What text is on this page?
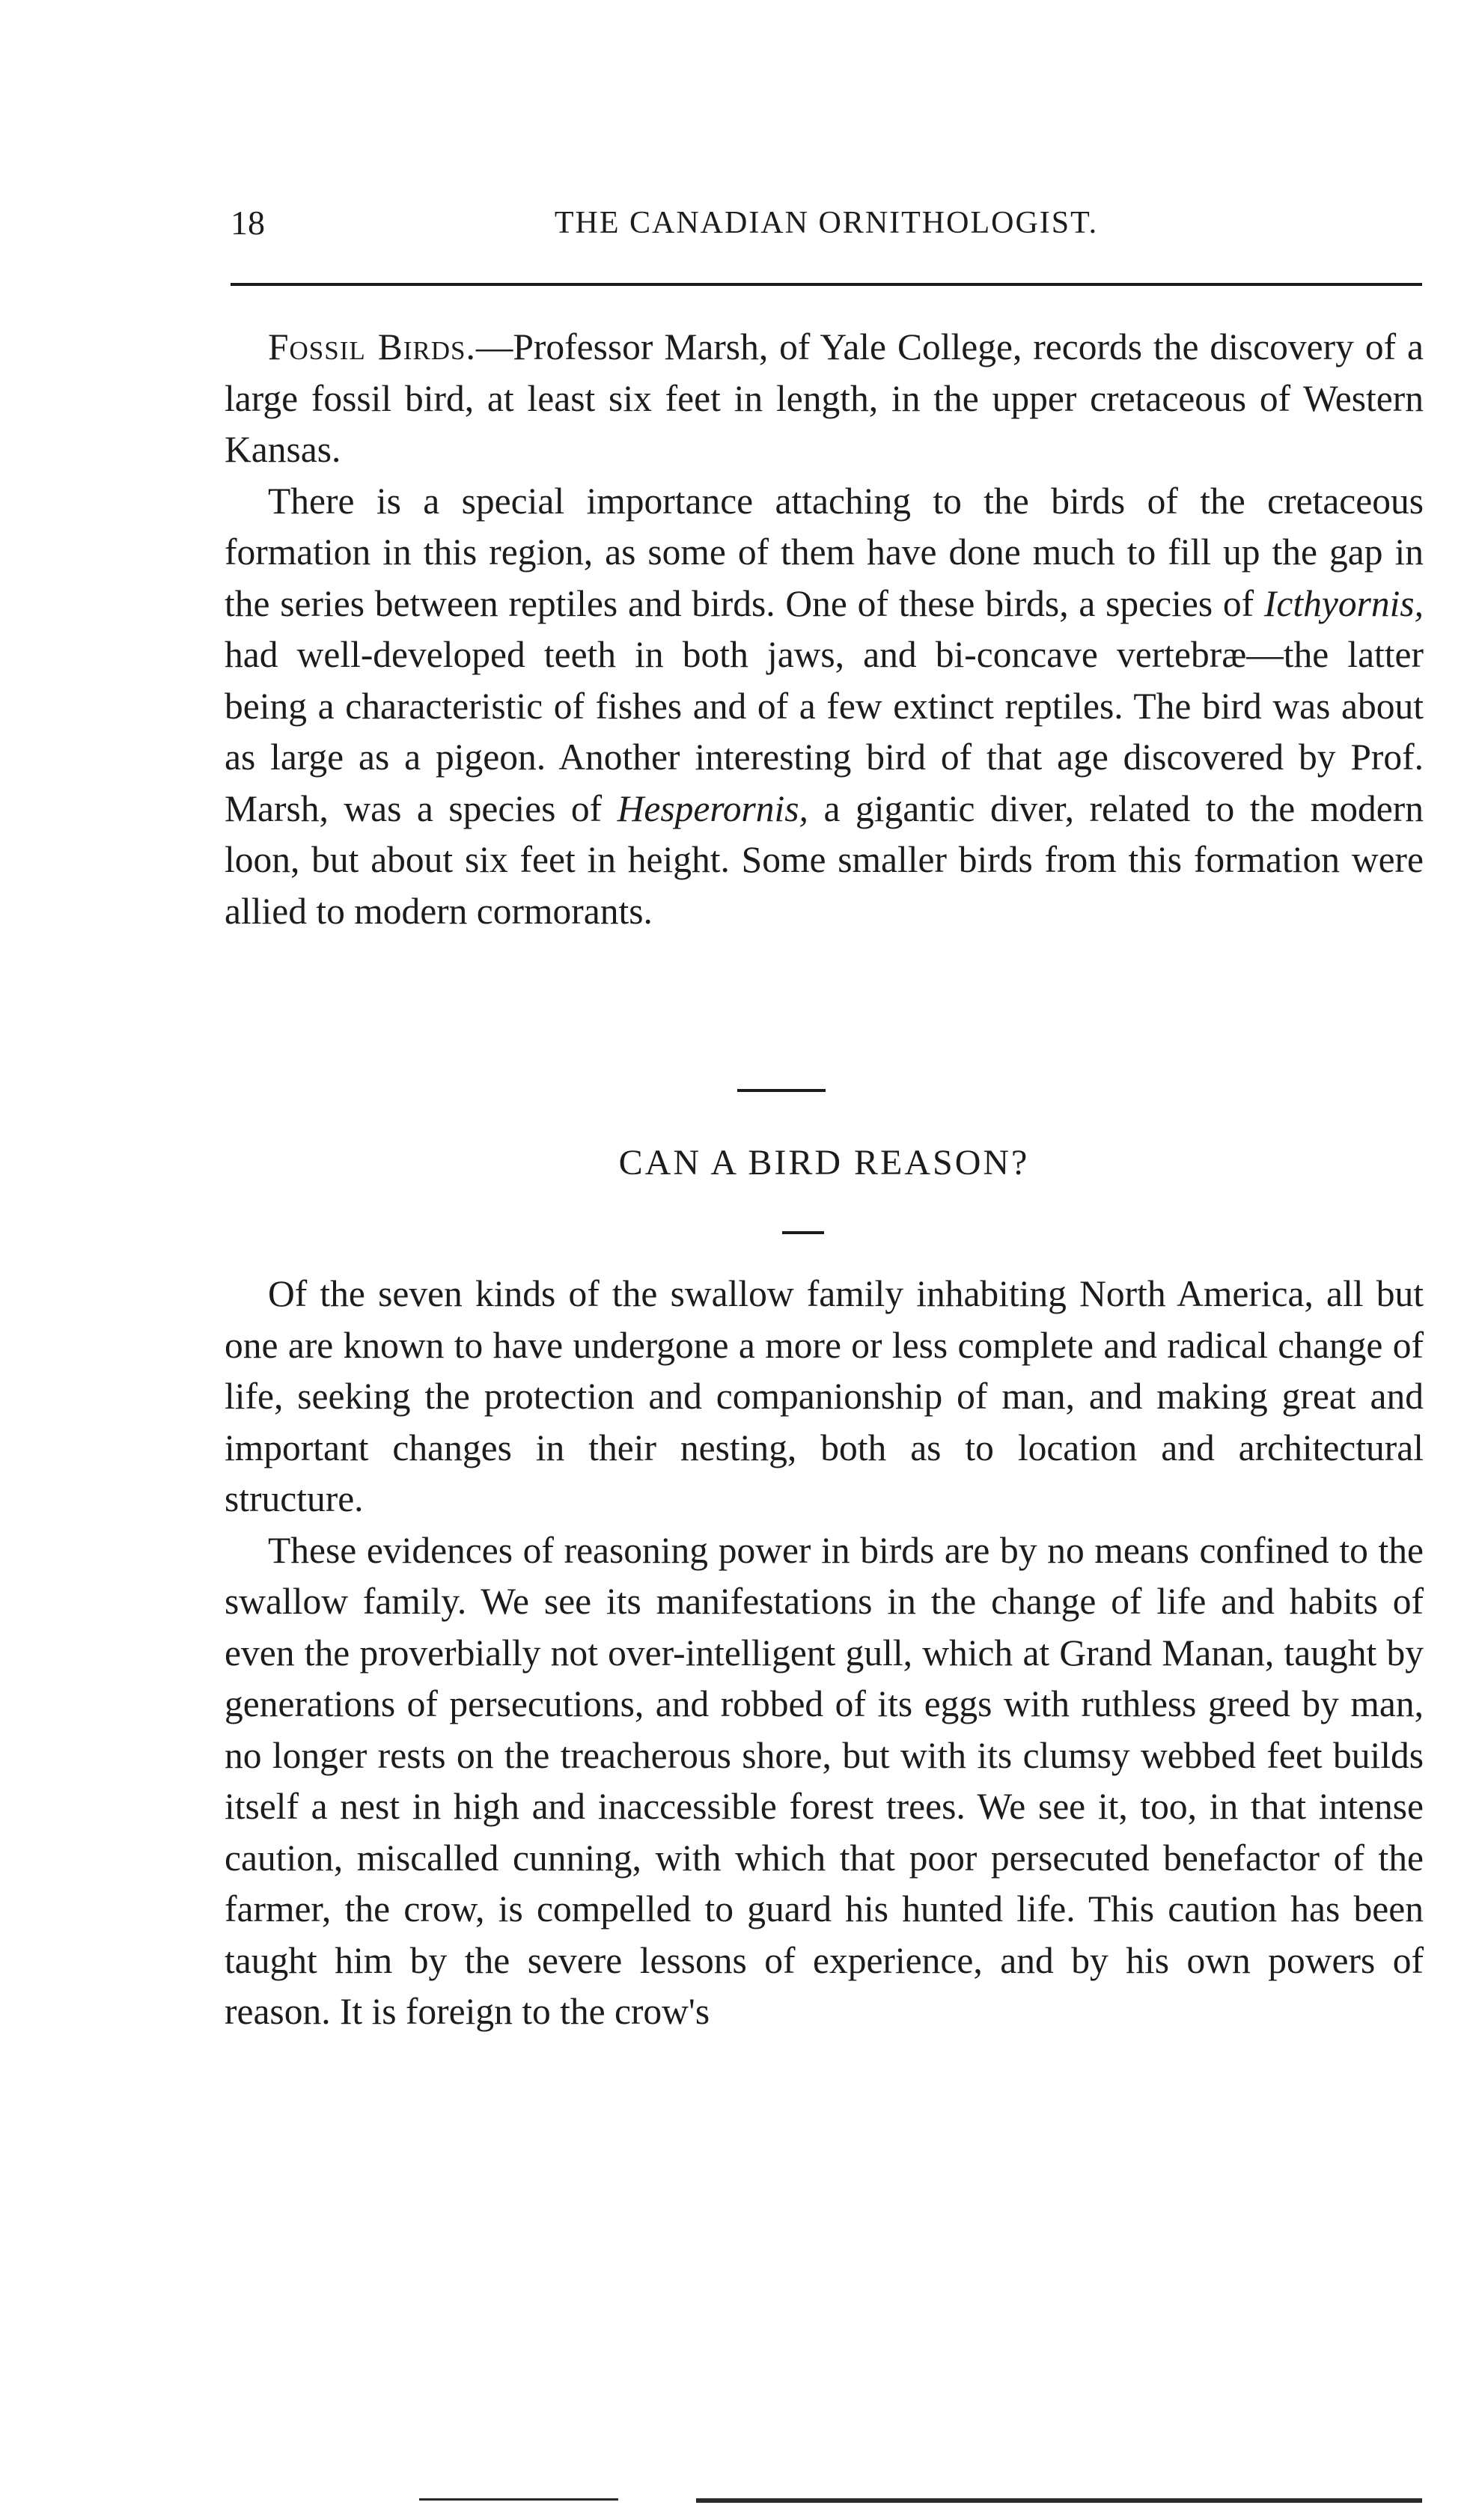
18	THE CANADIAN ORNITHOLOGIST.

Fossil Birds.—Professor Marsh, of Yale College, records the discovery of a large fossil bird, at least six feet in length, in the upper cretaceous of Western Kansas.

There is a special importance attaching to the birds of the cretaceous formation in this region, as some of them have done much to fill up the gap in the series between reptiles and birds. One of these birds, a species of Icthyornis, had well-developed teeth in both jaws, and bi-concave vertebræ—the latter being a characteristic of fishes and of a few extinct reptiles. The bird was about as large as a pigeon. Another interesting bird of that age discovered by Prof. Marsh, was a species of Hesperornis, a gigantic diver, related to the modern loon, but about six feet in height. Some smaller birds from this formation were allied to modern cormorants.

CAN A BIRD REASON?

Of the seven kinds of the swallow family inhabiting North America, all but one are known to have undergone a more or less complete and radical change of life, seeking the protection and companionship of man, and making great and important changes in their nesting, both as to location and architectural structure.

These evidences of reasoning power in birds are by no means confined to the swallow family. We see its manifestations in the change of life and habits of even the proverbially not over-intelligent gull, which at Grand Manan, taught by generations of persecutions, and robbed of its eggs with ruthless greed by man, no longer rests on the treacherous shore, but with its clumsy webbed feet builds itself a nest in high and inaccessible forest trees. We see it, too, in that intense caution, miscalled cunning, with which that poor persecuted benefactor of the farmer, the crow, is compelled to guard his hunted life. This caution has been taught him by the severe lessons of experience, and by his own powers of reason. It is foreign to the crow's
